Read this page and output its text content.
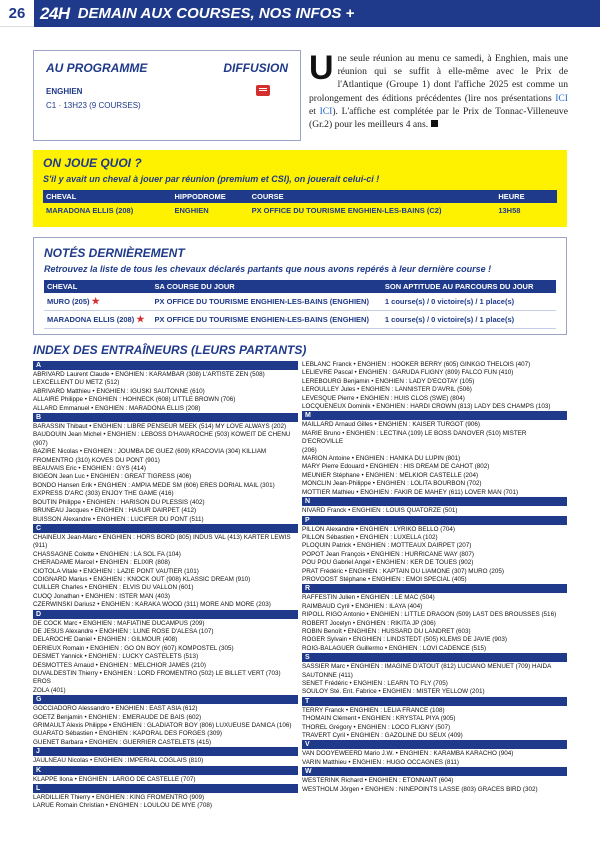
26 24H DEMAIN AUX COURSES, NOS INFOS +
AU PROGRAMME	DIFFUSION
ENGHIEN
C1 · 13H23 (9 COURSES)
Une seule réunion au menu ce samedi, à Enghien, mais une réunion qui se suffit à elle-même avec le Prix de l'Atlantique (Groupe 1) dont l'affiche 2025 est comme un prolongement des éditions précédentes (lire nos présentations ICI et ICI). L'affiche est complétée par le Prix de Tonnac-Villeneuve (Gr.2) pour les meilleurs 4 ans.
ON JOUE QUOI ?
S'il y avait un cheval à jouer par réunion (premium et CSI), on jouerait celui-ci !
CHEVAL	HIPPODROME	COURSE	HEURE
MARADONA ELLIS (208)	ENGHIEN	PX OFFICE DU TOURISME ENGHIEN-LES-BAINS (C2)	13H58
NOTÉS DERNIÈREMENT
Retrouvez la liste de tous les chevaux déclarés partants que nous avons repérés à leur dernière course !
CHEVAL	SA COURSE DU JOUR	SON APTITUDE AU PARCOURS DU JOUR
MURO (205) ★	PX OFFICE DU TOURISME ENGHIEN-LES-BAINS (ENGHIEN)	1 course(s) / 0 victoire(s) / 1 place(s)
MARADONA ELLIS (208) ★	PX OFFICE DU TOURISME ENGHIEN-LES-BAINS (ENGHIEN)	1 course(s) / 0 victoire(s) / 1 place(s)
INDEX DES ENTRAÎNEURS (LEURS PARTANTS)
A
ABRIVARD Laurent Claude • ENGHIEN : KARAMBAR (308) L'ARTISTE ZEN (508)
LEXCELLENT DU METZ (512)
ABRIVARD Matthieu • ENGHIEN : IGUSKI SAUTONNE (610)
ALLAIRE Philippe • ENGHIEN : HOHNECK (608) LITTLE BROWN (706)
ALLARD Emmanuel • ENGHIEN : MARADONA ELLIS (208)
B
BARASSIN Thibaut • ENGHIEN : LIBRE PENSEUR MEEK (514) MY LOVE ALWAYS (202)
BAUDOUIN Jean Michel • ENGHIEN : LEBOSS D'HAVAROCHE (503) KOWEIT DE CHENU
(907)
BAZIRE Nicolas • ENGHIEN : JOUMBA DE GUEZ (609) KRACOVIA (304) KILLIAM
FROMENTRO (310) KOVES DU PONT (901)
BEAUVAIS Eric • ENGHIEN : GYS (414)
BIGEON Jean Luc • ENGHIEN : GREAT TIGRESS (406)
BONDO Hansen Erik • ENGHIEN : AMPIA MEDE SM (606) ERES DORIAL MAIL (301)
EXPRESS D'ARC (303) ENJOY THE GAME (416)
BOUTIN Philippe • ENGHIEN : HARISON DU PLESSIS (402)
BRUNEAU Jacques • ENGHIEN : HASUR DAIRPET (412)
BUISSON Alexandre • ENGHIEN : LUCIFER DU PONT (511)
C
CHAINEUX Jean-Marc • ENGHIEN : HORS BORD (805) INDUS VAL (413) KARTER LEWIS
(911)
CHASSAGNE Colette • ENGHIEN : LA SOL FA (104)
CHERADAME Marcel • ENGHIEN : ELIXIR (808)
CIOTOLA Vitale • ENGHIEN : LAZIE PONT VAUTIER (101)
COIGNARD Marius • ENGHIEN : KNOCK OUT (908) KLASSIC DREAM (910)
CUILLER Charles • ENGHIEN : ELVIS DU VALLON (601)
CUOQ Jonathan • ENGHIEN : ISTER MAN (403)
CZERWINSKI Dariusz • ENGHIEN : KARAKA WOOD (311) MORE AND MORE (203)
D
DE COCK Marc • ENGHIEN : MAFIATINE DUCAMPUS (209)
DE JESUS Alexandre • ENGHIEN : LUNE ROSE D'ALESA (107)
DELAROCHE Daniel • ENGHIEN : GILMOUR (408)
DERIEUX Romain • ENGHIEN : GO ON BOY (607) KOMPOSTEL (305)
DESMET Yannick • ENGHIEN : LUCKY CASTELETS (513)
DESMOTTES Arnaud • ENGHIEN : MELCHIOR JAMES (210)
DUVALDESTIN Thierry • ENGHIEN : LORD FROMENTRO (502) LE BILLET VERT (703) EROS
ZOLA (401)
G
GOCCIADORO Alessandro • ENGHIEN : EAST ASIA (612)
GOETZ Benjamin • ENGHIEN : EMERAUDE DE BAIS (602)
GRIMAULT Alexis Philippe • ENGHIEN : GLADIATOR BOY (806) LUXUEUSE DANICA (106)
GUARATO Sébastien • ENGHIEN : KAPORAL DES FORGES (309)
GUENET Barbara • ENGHIEN : GUERRIER CASTELETS (415)
J
JAULNEAU Nicolas • ENGHIEN : IMPERIAL COGLAIS (810)
K
KLAPPE Ilona • ENGHIEN : LARGO DE CASTELLE (707)
L
LARDILLIER Thierry • ENGHIEN : KING FROMENTRO (909)
LARUE Romain Christian • ENGHIEN : LOULOU DE MYE (708)
LEBLANC Franck • ENGHIEN : HOOKER BERRY (605) GINKGO THELOIS (407)
LELIEVRE Pascal • ENGHIEN : GARUDA FLIGNY (809) FALCO FUN (410)
LEREBOURG Benjamin • ENGHIEN : LADY D'ECOTAY (105)
LEROULLEY Jules • ENGHIEN : LANNISTER D'AVRIL (506)
LEVESQUE Pierre • ENGHIEN : HUIS CLOS (SWE) (804)
LOCQUENEUX Dominik • ENGHIEN : HARDI CROWN (813) LADY DES CHAMPS (103)
M
MAILLARD Arnaud Gilles • ENGHIEN : KAISER TURGOT (906)
MARIE Bruno • ENGHIEN : LECTINA (109) LE BOSS DANOVER (510) MISTER D'ECROVILLE
(206)
MARION Antoine • ENGHIEN : HANIKA DU LUPIN (801)
MARY Pierre Edouard • ENGHIEN : HIS DREAM DE CAHOT (802)
MEUNIER Stéphane • ENGHIEN : MELKIOR CASTELLE (204)
MONCLIN Jean-Philippe • ENGHIEN : LOLITA BOURBON (702)
MOTTIER Mathieu • ENGHIEN : FAKIR DE MAHEY (611) LOVER MAN (701)
N
NIVARD Franck • ENGHIEN : LOUIS QUATORZE (501)
P
PILLON Alexandre • ENGHIEN : LYRIKO BELLO (704)
PILLON Sébastien • ENGHIEN : LUXELLA (102)
PLOQUIN Patrick • ENGHIEN : MOTTEAUX DAIRPET (207)
POPOT Jean François • ENGHIEN : HURRICANE WAY (807)
POU POU Gabriel Angel • ENGHIEN : KER DE TOUES (902)
PRAT Frédéric • ENGHIEN : KAPTAIN DU LIAMONE (307) MURO (205)
PROVOOST Stéphane • ENGHIEN : EMOI SPECIAL (405)
R
RAFFESTIN Julien • ENGHIEN : LE MAC (504)
RAIMBAUD Cyril • ENGHIEN : ILAYA (404)
RIPOLL RIGO Antonio • ENGHIEN : LITTLE DRAGON (509) LAST DES BROUSSES (516)
ROBERT Jocelyn • ENGHIEN : RIKITA JP (306)
ROBIN Benoît • ENGHIEN : HUSSARD DU LANDRET (603)
ROGER Sylvain • ENGHIEN : LINDSTEDT (505) KLEMS DE JAVIE (903)
ROIG-BALAGUER Guillermo • ENGHIEN : LOVI CADENCE (515)
S
SASSIER Marc • ENGHIEN : IMAGINE D'ATOUT (812) LUCIANO MENUET (709) HAIDA
SAUTONNE (411)
SENET Frédéric • ENGHIEN : LEARN TO FLY (705)
SOULOY Sté. Ent. Fabrice • ENGHIEN : MISTER YELLOW (201)
T
TERRY Franck • ENGHIEN : LELIA FRANCE (108)
THOMAIN Clément • ENGHIEN : KRYSTAL PIYA (905)
THOREL Grégory • ENGHIEN : LOCO FLIGNY (507)
TRAVERT Cyril • ENGHIEN : GAZOLINE DU SEUX (409)
V
VAN DOOYEWEERD Mario J.W. • ENGHIEN : KARAMBA KARACHO (904)
VARIN Matthieu • ENGHIEN : HUGO OCCAGNES (811)
W
WESTERINK Richard • ENGHIEN : ETONNANT (604)
WESTHOLM Jörgen • ENGHIEN : NINEPOINTS LASSE (803) GRACES BIRD (302)
